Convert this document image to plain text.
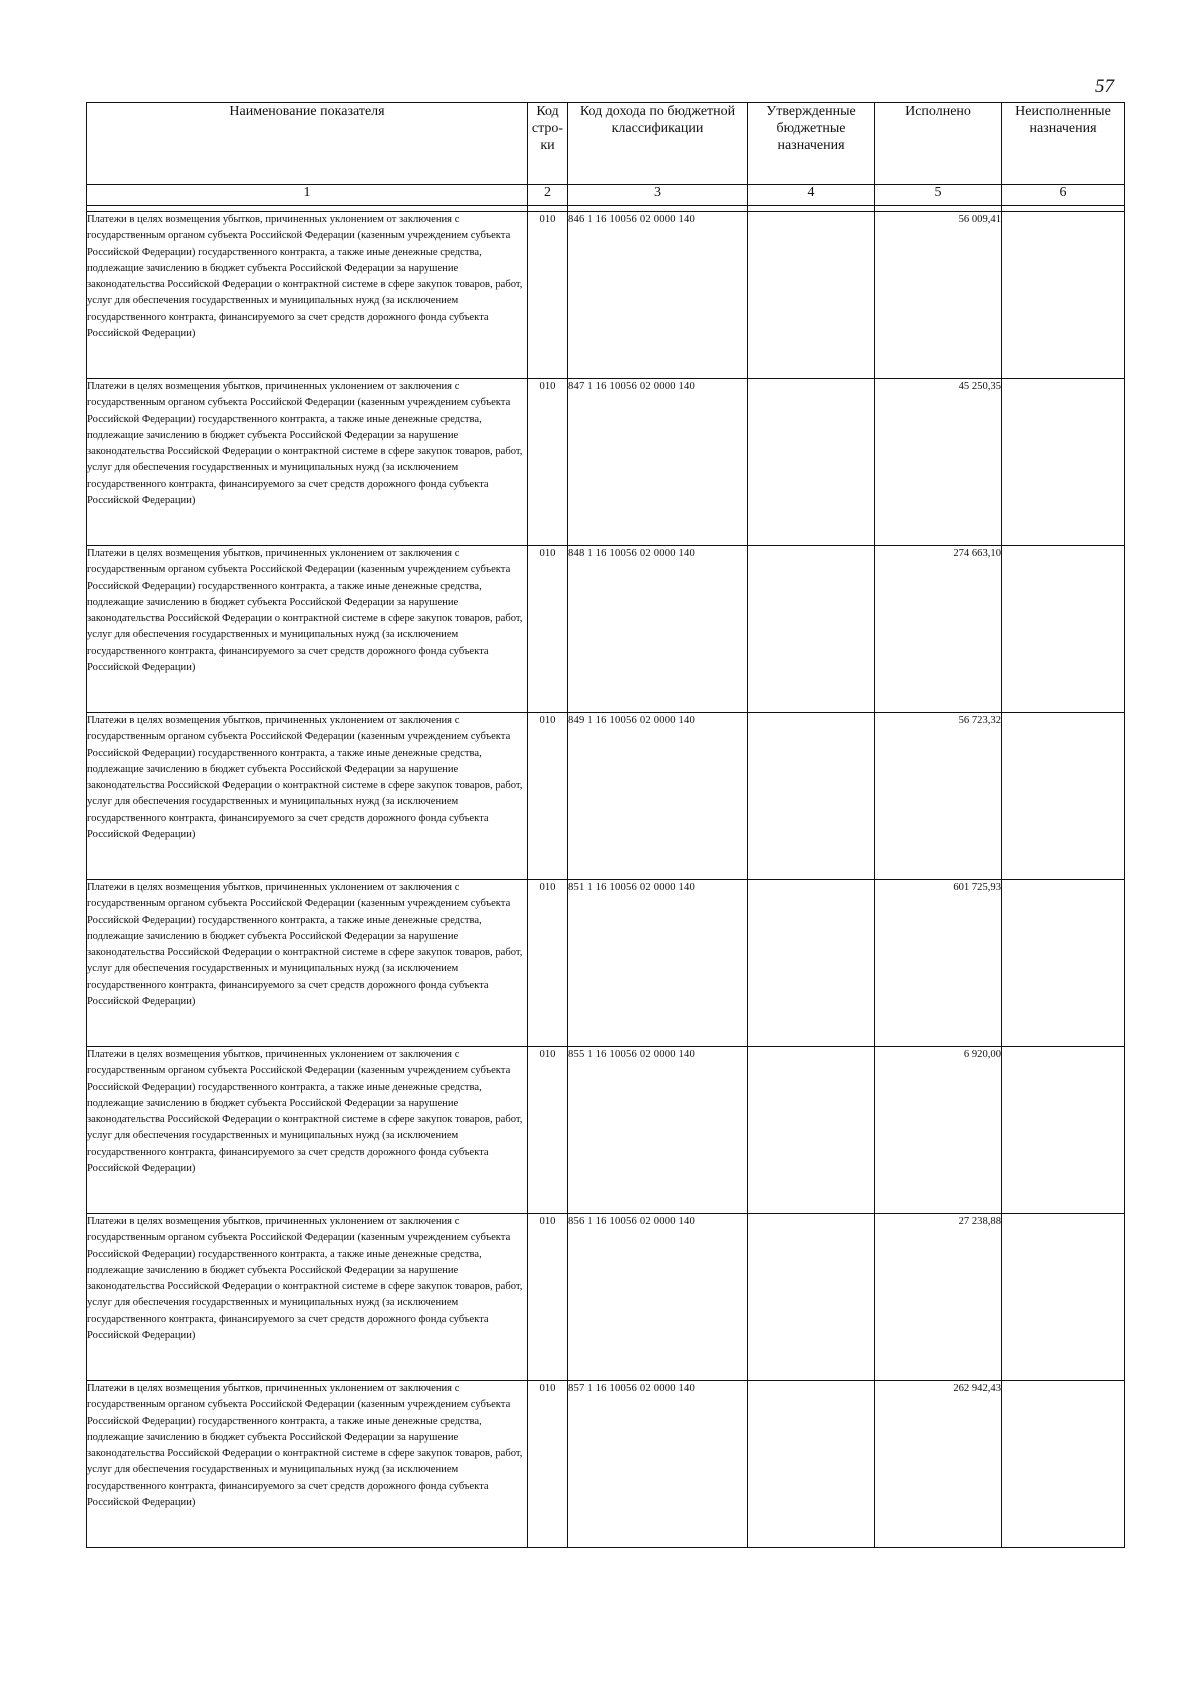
57
Наименование показателя	Код стро- ки	Код дохода по бюджетной классификации	Утвержденные бюджетные назначения	Исполнено	Неисполненные назначения
1	2	3	4	5	6

Платежи в целях возмещения убытков, причиненных уклонением от заключения с государственным органом субъекта Российской Федерации (казенным учреждением субъекта Российской Федерации) государственного контракта, а также иные денежные средства, подлежащие зачислению в бюджет субъекта Российской Федерации за нарушение законодательства Российской Федерации о контрактной системе в сфере закупок товаров, работ, услуг для обеспечения государственных и муниципальных нужд (за исключением государственного контракта, финансируемого за счет средств дорожного фонда субъекта Российской Федерации)	010	846 1 16 10056 02 0000 140		56 009,41	
Платежи в целях возмещения убытков, причиненных уклонением от заключения с государственным органом субъекта Российской Федерации (казенным учреждением субъекта Российской Федерации) государственного контракта, а также иные денежные средства, подлежащие зачислению в бюджет субъекта Российской Федерации за нарушение законодательства Российской Федерации о контрактной системе в сфере закупок товаров, работ, услуг для обеспечения государственных и муниципальных нужд (за исключением государственного контракта, финансируемого за счет средств дорожного фонда субъекта Российской Федерации)	010	847 1 16 10056 02 0000 140		45 250,35	
Платежи в целях возмещения убытков, причиненных уклонением от заключения с государственным органом субъекта Российской Федерации (казенным учреждением субъекта Российской Федерации) государственного контракта, а также иные денежные средства, подлежащие зачислению в бюджет субъекта Российской Федерации за нарушение законодательства Российской Федерации о контрактной системе в сфере закупок товаров, работ, услуг для обеспечения государственных и муниципальных нужд (за исключением государственного контракта, финансируемого за счет средств дорожного фонда субъекта Российской Федерации)	010	848 1 16 10056 02 0000 140		274 663,10	
Платежи в целях возмещения убытков, причиненных уклонением от заключения с государственным органом субъекта Российской Федерации (казенным учреждением субъекта Российской Федерации) государственного контракта, а также иные денежные средства, подлежащие зачислению в бюджет субъекта Российской Федерации за нарушение законодательства Российской Федерации о контрактной системе в сфере закупок товаров, работ, услуг для обеспечения государственных и муниципальных нужд (за исключением государственного контракта, финансируемого за счет средств дорожного фонда субъекта Российской Федерации)	010	849 1 16 10056 02 0000 140		56 723,32	
Платежи в целях возмещения убытков, причиненных уклонением от заключения с государственным органом субъекта Российской Федерации (казенным учреждением субъекта Российской Федерации) государственного контракта, а также иные денежные средства, подлежащие зачислению в бюджет субъекта Российской Федерации за нарушение законодательства Российской Федерации о контрактной системе в сфере закупок товаров, работ, услуг для обеспечения государственных и муниципальных нужд (за исключением государственного контракта, финансируемого за счет средств дорожного фонда субъекта Российской Федерации)	010	851 1 16 10056 02 0000 140		601 725,93	
Платежи в целях возмещения убытков, причиненных уклонением от заключения с государственным органом субъекта Российской Федерации (казенным учреждением субъекта Российской Федерации) государственного контракта, а также иные денежные средства, подлежащие зачислению в бюджет субъекта Российской Федерации за нарушение законодательства Российской Федерации о контрактной системе в сфере закупок товаров, работ, услуг для обеспечения государственных и муниципальных нужд (за исключением государственного контракта, финансируемого за счет средств дорожного фонда субъекта Российской Федерации)	010	855 1 16 10056 02 0000 140		6 920,00	
Платежи в целях возмещения убытков, причиненных уклонением от заключения с государственным органом субъекта Российской Федерации (казенным учреждением субъекта Российской Федерации) государственного контракта, а также иные денежные средства, подлежащие зачислению в бюджет субъекта Российской Федерации за нарушение законодательства Российской Федерации о контрактной системе в сфере закупок товаров, работ, услуг для обеспечения государственных и муниципальных нужд (за исключением государственного контракта, финансируемого за счет средств дорожного фонда субъекта Российской Федерации)	010	856 1 16 10056 02 0000 140		27 238,88	
Платежи в целях возмещения убытков, причиненных уклонением от заключения с государственным органом субъекта Российской Федерации (казенным учреждением субъекта Российской Федерации) государственного контракта, а также иные денежные средства, подлежащие зачислению в бюджет субъекта Российской Федерации за нарушение законодательства Российской Федерации о контрактной системе в сфере закупок товаров, работ, услуг для обеспечения государственных и муниципальных нужд (за исключением государственного контракта, финансируемого за счет средств дорожного фонда субъекта Российской Федерации)	010	857 1 16 10056 02 0000 140		262 942,43	
